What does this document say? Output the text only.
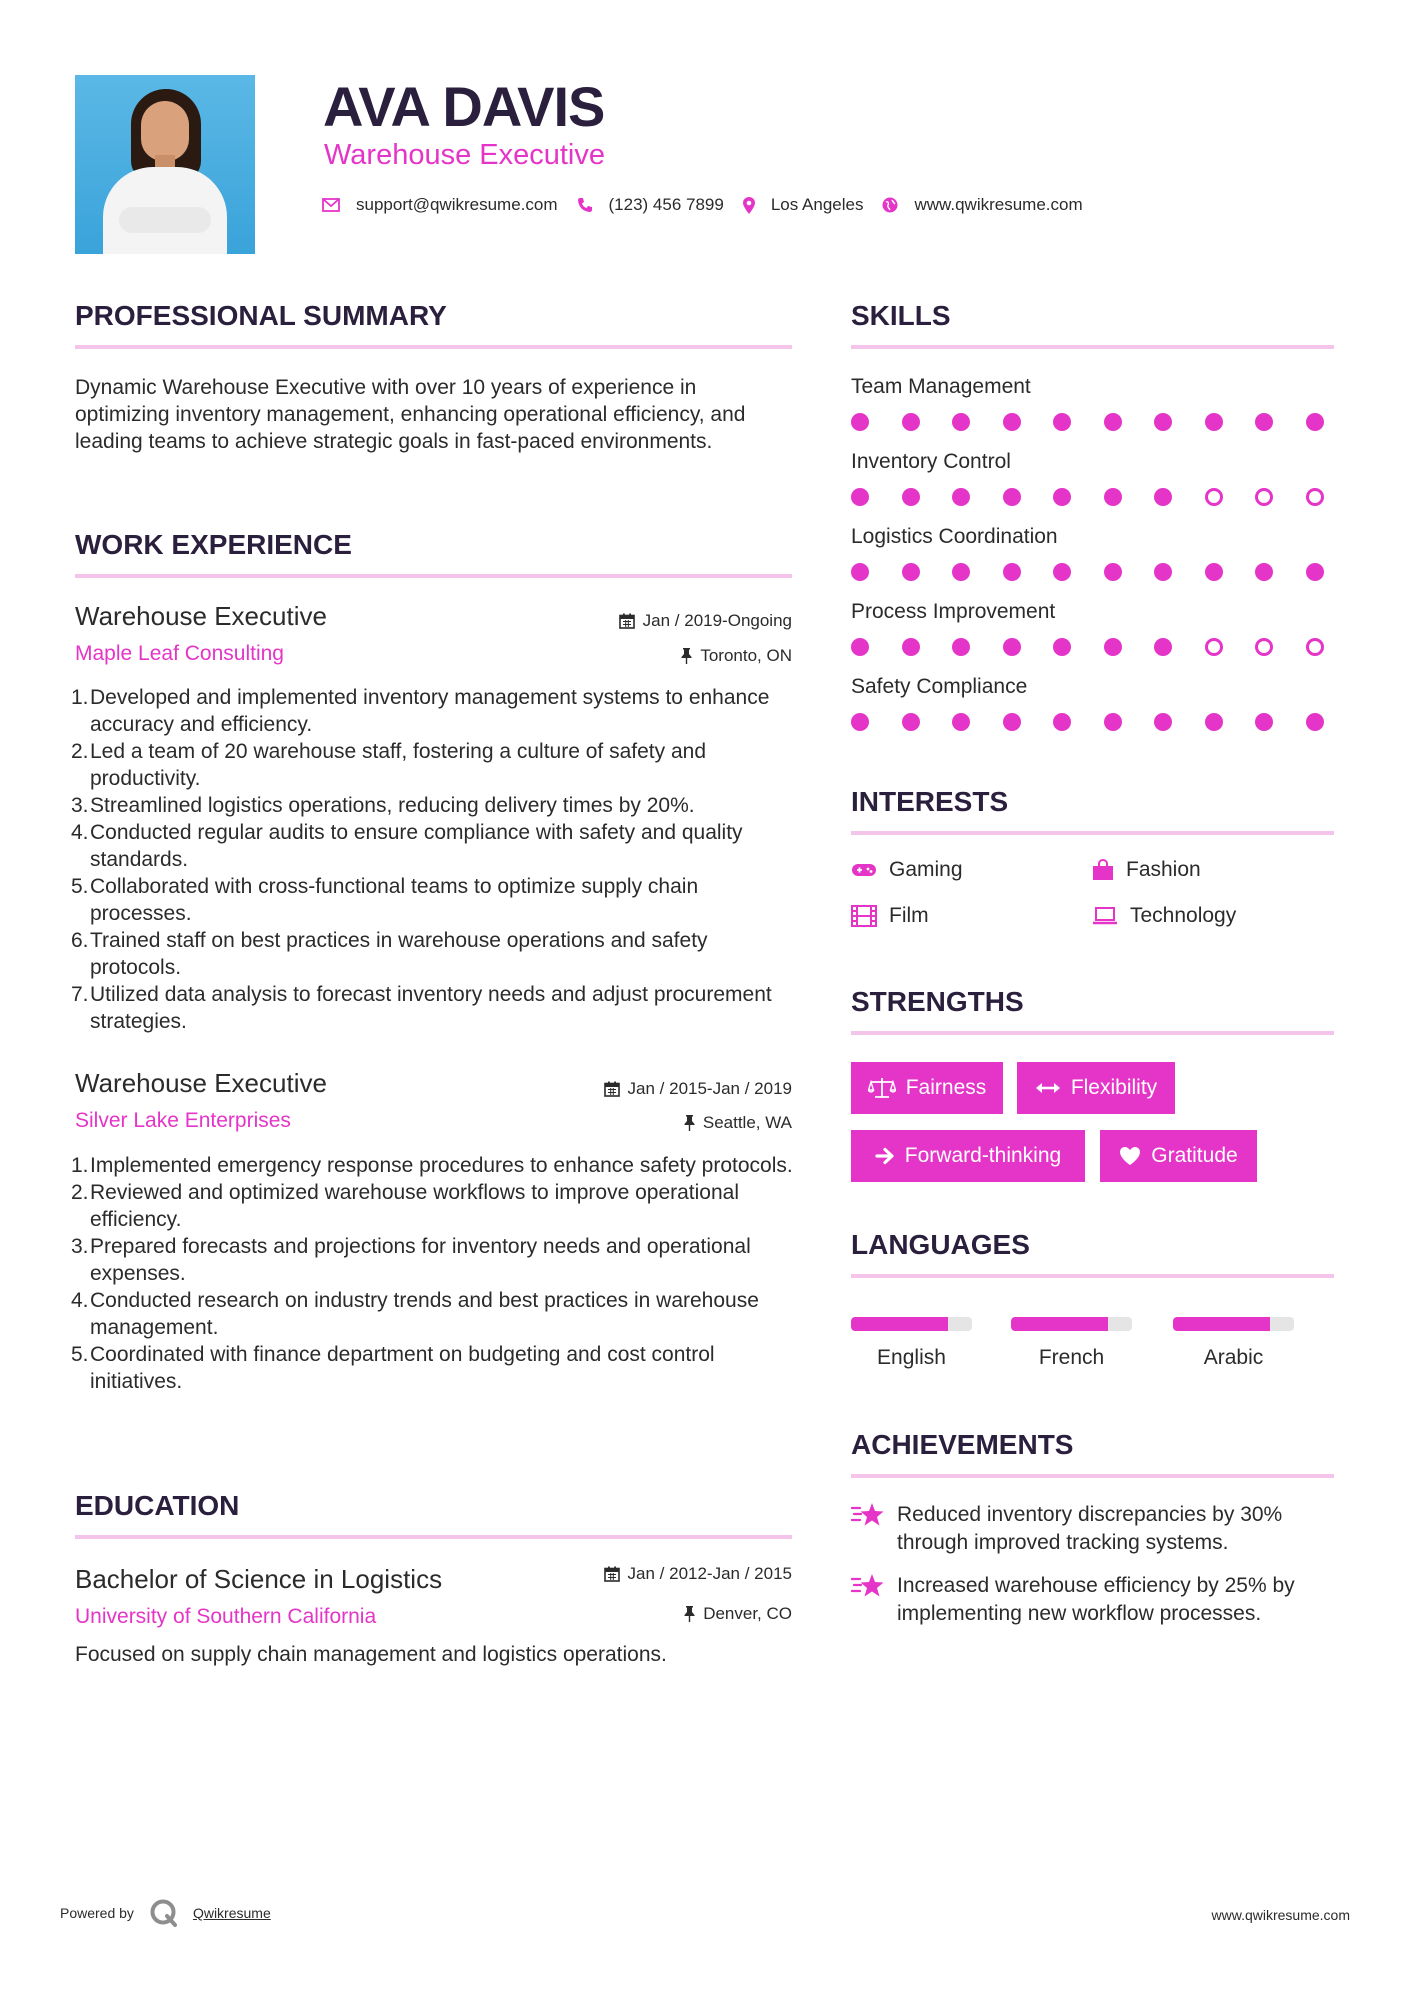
AVA DAVIS
Warehouse Executive
support@qwikresume.com	(123) 456 7899	Los Angeles	www.qwikresume.com
PROFESSIONAL SUMMARY
Dynamic Warehouse Executive with over 10 years of experience in optimizing inventory management, enhancing operational efficiency, and leading teams to achieve strategic goals in fast-paced environments.
WORK EXPERIENCE
Warehouse Executive	Jan / 2019-Ongoing
Maple Leaf Consulting	Toronto, ON
1. Developed and implemented inventory management systems to enhance accuracy and efficiency.
2. Led a team of 20 warehouse staff, fostering a culture of safety and productivity.
3. Streamlined logistics operations, reducing delivery times by 20%.
4. Conducted regular audits to ensure compliance with safety and quality standards.
5. Collaborated with cross-functional teams to optimize supply chain processes.
6. Trained staff on best practices in warehouse operations and safety protocols.
7. Utilized data analysis to forecast inventory needs and adjust procurement strategies.
Warehouse Executive	Jan / 2015-Jan / 2019
Silver Lake Enterprises	Seattle, WA
1. Implemented emergency response procedures to enhance safety protocols.
2. Reviewed and optimized warehouse workflows to improve operational efficiency.
3. Prepared forecasts and projections for inventory needs and operational expenses.
4. Conducted research on industry trends and best practices in warehouse management.
5. Coordinated with finance department on budgeting and cost control initiatives.
EDUCATION
Bachelor of Science in Logistics	Jan / 2012-Jan / 2015
University of Southern California	Denver, CO
Focused on supply chain management and logistics operations.
SKILLS
Team Management
Inventory Control
Logistics Coordination
Process Improvement
Safety Compliance
INTERESTS
Gaming	Fashion
Film	Technology
STRENGTHS
Fairness	Flexibility
Forward-thinking	Gratitude
LANGUAGES
English	French	Arabic
ACHIEVEMENTS
Reduced inventory discrepancies by 30% through improved tracking systems.
Increased warehouse efficiency by 25% by implementing new workflow processes.
Powered by	Qwikresume	www.qwikresume.com
